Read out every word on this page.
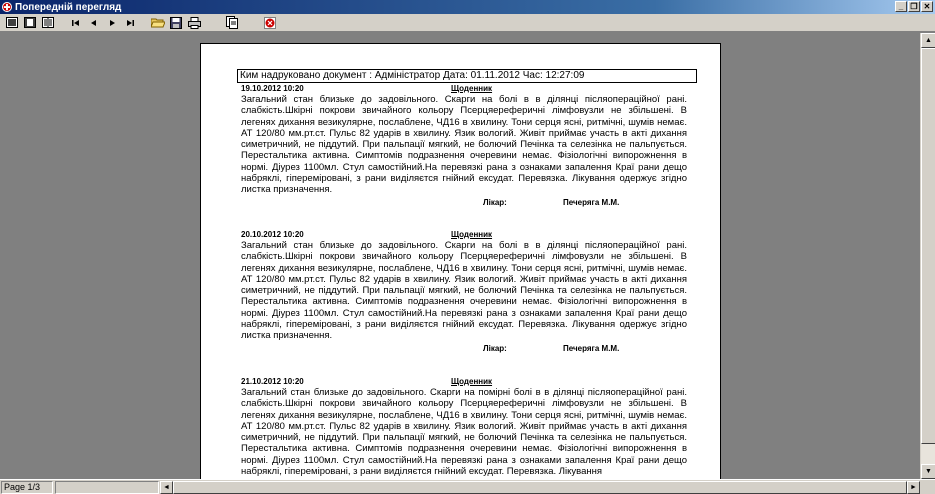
✚ Попередній перегляд	_ ❐ ✕
Ким надруковано документ : Адміністратор Дата: 01.11.2012 Час: 12:27:09
19.10.2012 10:20	Щоденник
Загальний стан близьке до задовільного. Скарги на болі в в ділянці післяопераційної рані. слабкість.Шкірні покрови звичайного кольору Псерцяереферичні лімфовузли не збільшені. В легенях дихання везикулярне, послаблене, ЧД16 в хвилину. Тони серця ясні, ритмічні, шумів немає. АТ 120/80 мм.рт.ст. Пульс 82 ударів в хвилину. Язик вологий. Живіт приймає участь в акті дихання симетричний, не піддутий. При пальпації мягкий, не болючий Печінка та селезінка не пальпується. Перестальтика активна. Симптомів подразнення очеревини немає. Фізіологічні випорожнення в нормі. Діурез 1100мл. Стул самостійний.На перевязкі рана з ознаками запалення Краї рани дещо набряклі, гіпереміровані, з рани виділяєтся гнійний ексудат. Перевязка. Лікування одержує згідно листка призначення.
Лікар:	Печеряга М.М.
20.10.2012 10:20	Щоденник
Загальний стан близьке до задовільного. Скарги на болі в в ділянці післяопераційної рані. слабкість.Шкірні покрови звичайного кольору Псерцяереферичні лімфовузли не збільшені. В легенях дихання везикулярне, послаблене, ЧД16 в хвилину. Тони серця ясні, ритмічні, шумів немає. АТ 120/80 мм.рт.ст. Пульс 82 ударів в хвилину. Язик вологий. Живіт приймає участь в акті дихання симетричний, не піддутий. При пальпації мягкий, не болючий Печінка та селезінка не пальпується. Перестальтика активна. Симптомів подразнення очеревини немає. Фізіологічні випорожнення в нормі. Діурез 1100мл. Стул самостійний.На перевязкі рана з ознаками запалення Краї рани дещо набряклі, гіпереміровані, з рани виділяєтся гнійний ексудат. Перевязка. Лікування одержує згідно листка призначення.
Лікар:	Печеряга М.М.
21.10.2012 10:20	Щоденник
Загальний стан близьке до задовільного. Скарги на помірні болі в в ділянці післяопераційної рані. слабкість.Шкірні покрови звичайного кольору Псерцяереферичні лімфовузли не збільшені. В легенях дихання везикулярне, послаблене, ЧД16 в хвилину. Тони серця ясні, ритмічні, шумів немає. АТ 120/80 мм.рт.ст. Пульс 82 ударів в хвилину. Язик вологий. Живіт приймає участь в акті дихання симетричний, не піддутий. При пальпації мягкий, не болючий Печінка та селезінка не пальпується. Перестальтика активна. Симптомів подразнення очеревини немає. Фізіологічні випорожнення в нормі. Діурез 1100мл. Стул самостійний.На перевязкі рана з ознаками запалення Краї рани дещо набряклі, гіпереміровані, з рани виділяєтся гнійний ексудат. Перевязка. Лікування
▲
▼
Page 1/3	◄	►
